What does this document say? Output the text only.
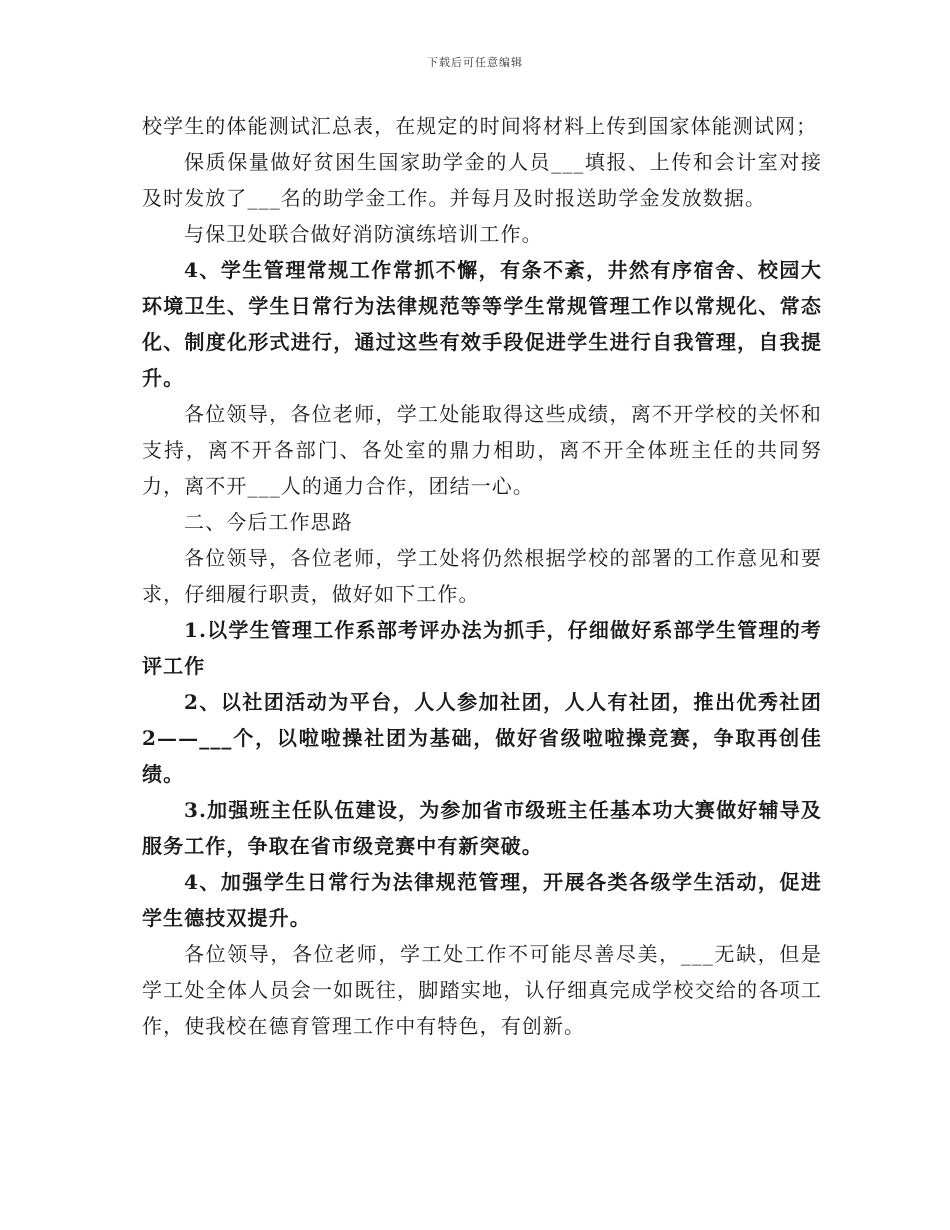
下载后可任意编辑

校学生的体能测试汇总表，在规定的时间将材料上传到国家体能测试网；

保质保量做好贫困生国家助学金的人员___填报、上传和会计室对接及时发放了___名的助学金工作。并每月及时报送助学金发放数据。

与保卫处联合做好消防演练培训工作。

4、学生管理常规工作常抓不懈，有条不紊，井然有序宿舍、校园大环境卫生、学生日常行为法律规范等等学生常规管理工作以常规化、常态化、制度化形式进行，通过这些有效手段促进学生进行自我管理，自我提升。

各位领导，各位老师，学工处能取得这些成绩，离不开学校的关怀和支持，离不开各部门、各处室的鼎力相助，离不开全体班主任的共同努力，离不开___人的通力合作，团结一心。

二、今后工作思路

各位领导，各位老师，学工处将仍然根据学校的部署的工作意见和要求，仔细履行职责，做好如下工作。

1.以学生管理工作系部考评办法为抓手，仔细做好系部学生管理的考评工作

2、以社团活动为平台，人人参加社团，人人有社团，推出优秀社团2——___个，以啦啦操社团为基础，做好省级啦啦操竞赛，争取再创佳绩。

3.加强班主任队伍建设，为参加省市级班主任基本功大赛做好辅导及服务工作，争取在省市级竞赛中有新突破。

4、加强学生日常行为法律规范管理，开展各类各级学生活动，促进学生德技双提升。

各位领导，各位老师，学工处工作不可能尽善尽美，___无缺，但是学工处全体人员会一如既往，脚踏实地，认仔细真完成学校交给的各项工作，使我校在德育管理工作中有特色，有创新。
